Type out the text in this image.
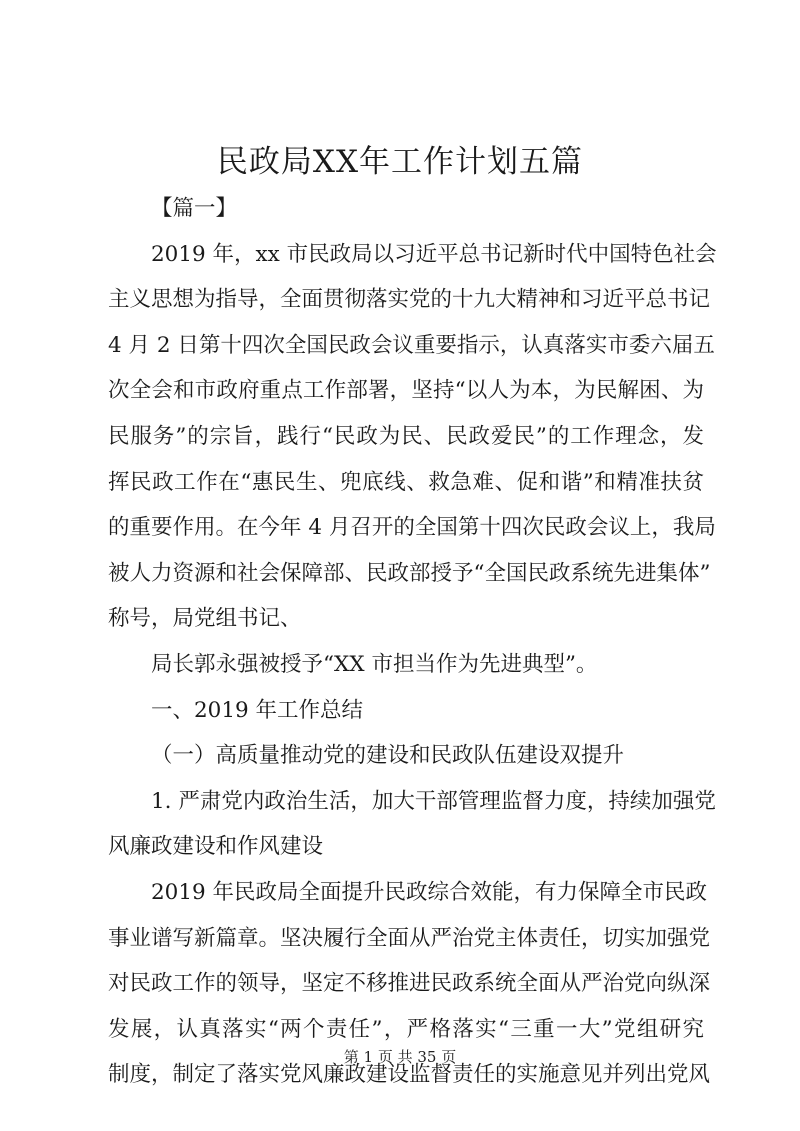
民政局XX年工作计划五篇
【篇一】
2019 年，xx 市民政局以习近平总书记新时代中国特色社会
主义思想为指导，全面贯彻落实党的十九大精神和习近平总书记
4 月 2 日第十四次全国民政会议重要指示，认真落实市委六届五
次全会和市政府重点工作部署，坚持“以人为本，为民解困、为
民服务”的宗旨，践行“民政为民、民政爱民”的工作理念，发
挥民政工作在“惠民生、兜底线、救急难、促和谐”和精准扶贫
的重要作用。在今年 4 月召开的全国第十四次民政会议上，我局
被人力资源和社会保障部、民政部授予“全国民政系统先进集体”
称号，局党组书记、
局长郭永强被授予“XX 市担当作为先进典型”。
一、2019 年工作总结
（一）高质量推动党的建设和民政队伍建设双提升
1. 严肃党内政治生活，加大干部管理监督力度，持续加强党
风廉政建设和作风建设
2019 年民政局全面提升民政综合效能，有力保障全市民政
事业谱写新篇章。坚决履行全面从严治党主体责任，切实加强党
对民政工作的领导，坚定不移推进民政系统全面从严治党向纵深
发展，认真落实“两个责任”，严格落实“三重一大”党组研究
制度，制定了落实党风廉政建设监督责任的实施意见并列出党风
第 1 页 共 35 页
